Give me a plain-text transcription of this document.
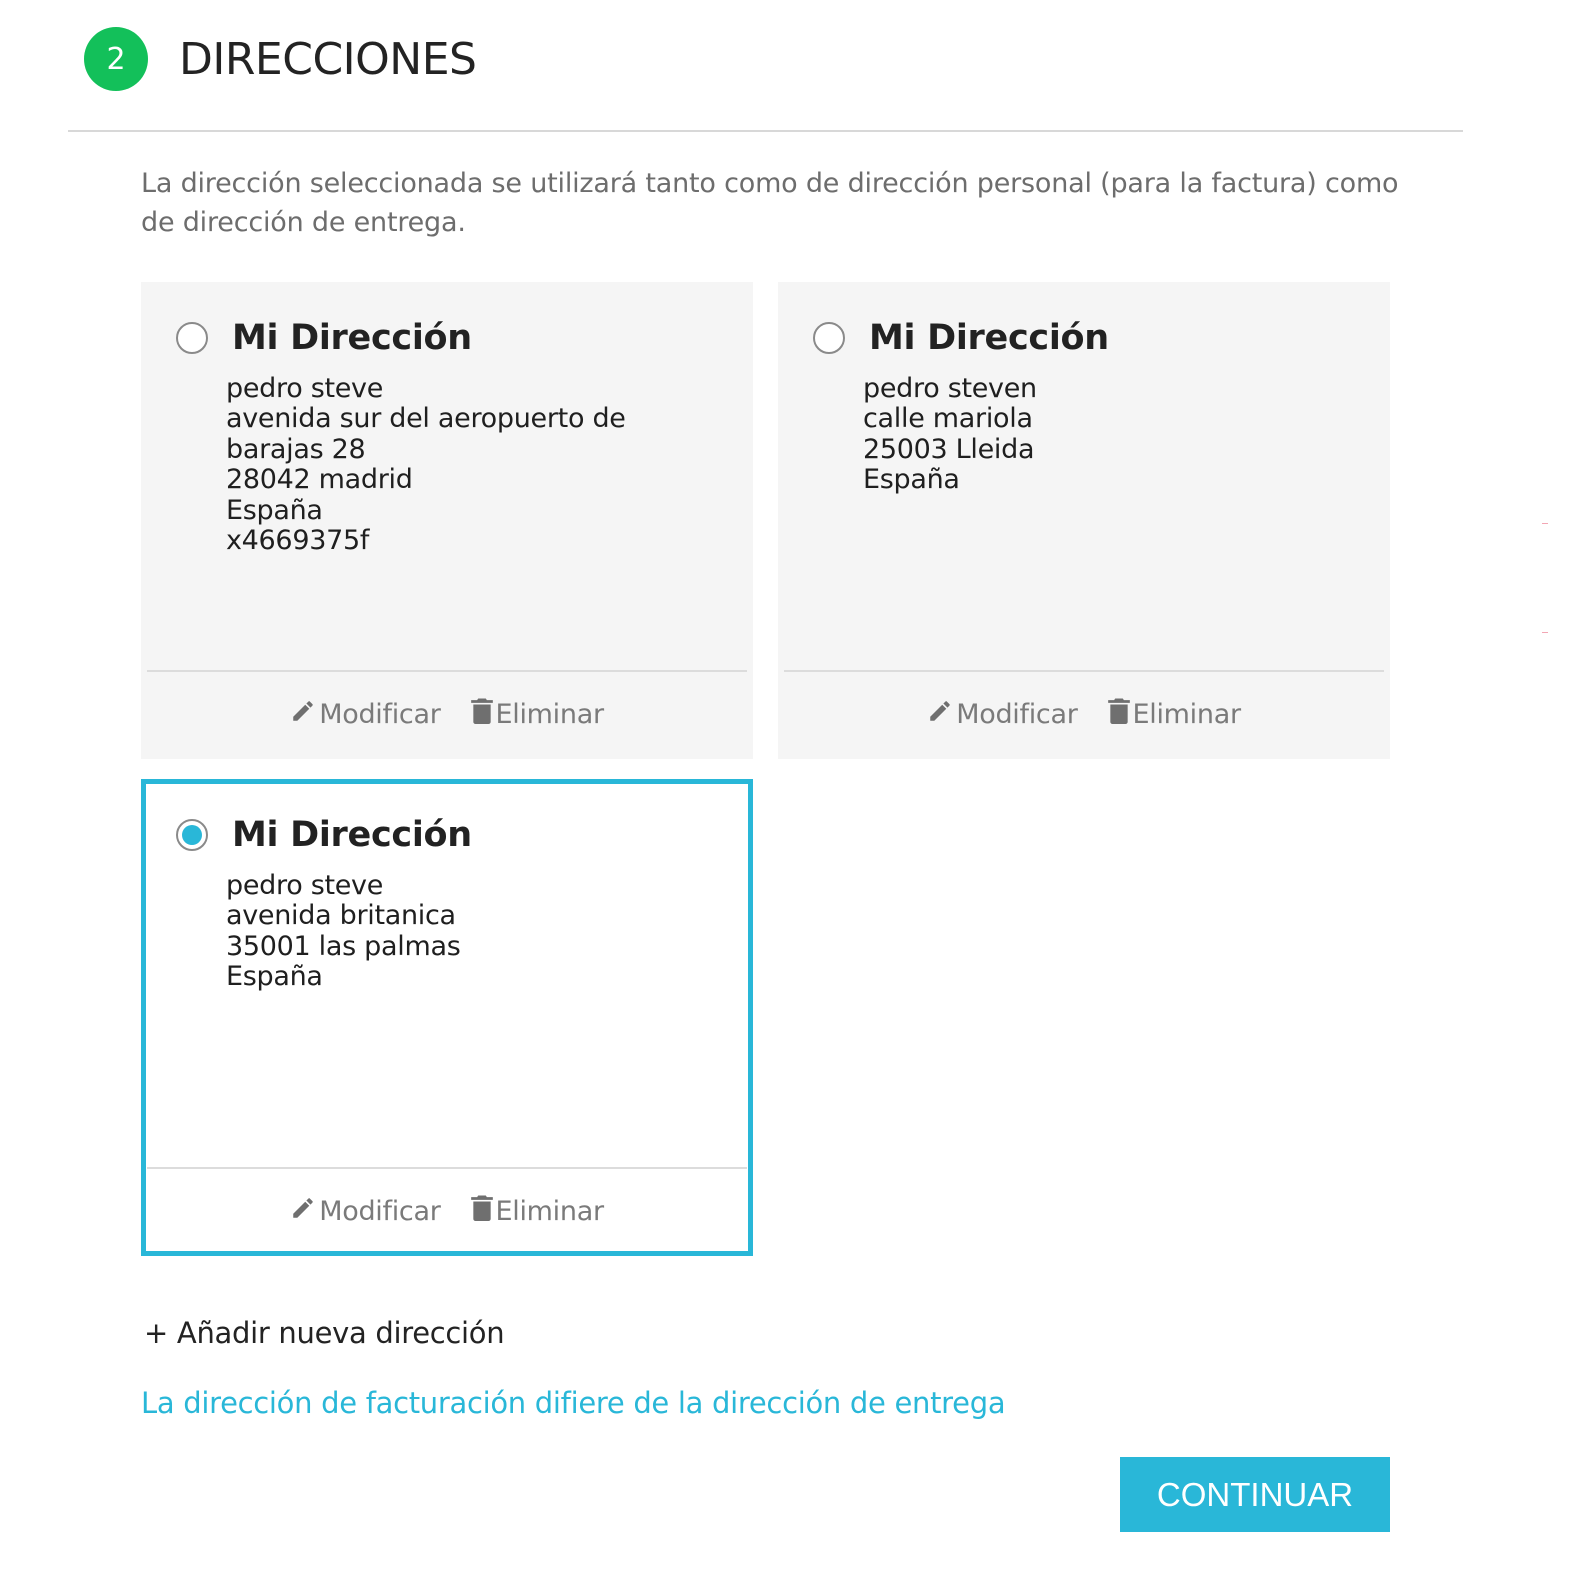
2	DIRECCIONES
La dirección seleccionada se utilizará tanto como de dirección personal (para la factura) como de dirección de entrega.
Mi Dirección
pedro steve
avenida sur del aeropuerto de
barajas 28
28042 madrid
España
x4669375f
Modificar Eliminar
Mi Dirección
pedro steven
calle mariola
25003 Lleida
España
Modificar Eliminar
Mi Dirección
pedro steve
avenida britanica
35001 las palmas
España
Modificar Eliminar
+ Añadir nueva dirección
La dirección de facturación difiere de la dirección de entrega
CONTINUAR
